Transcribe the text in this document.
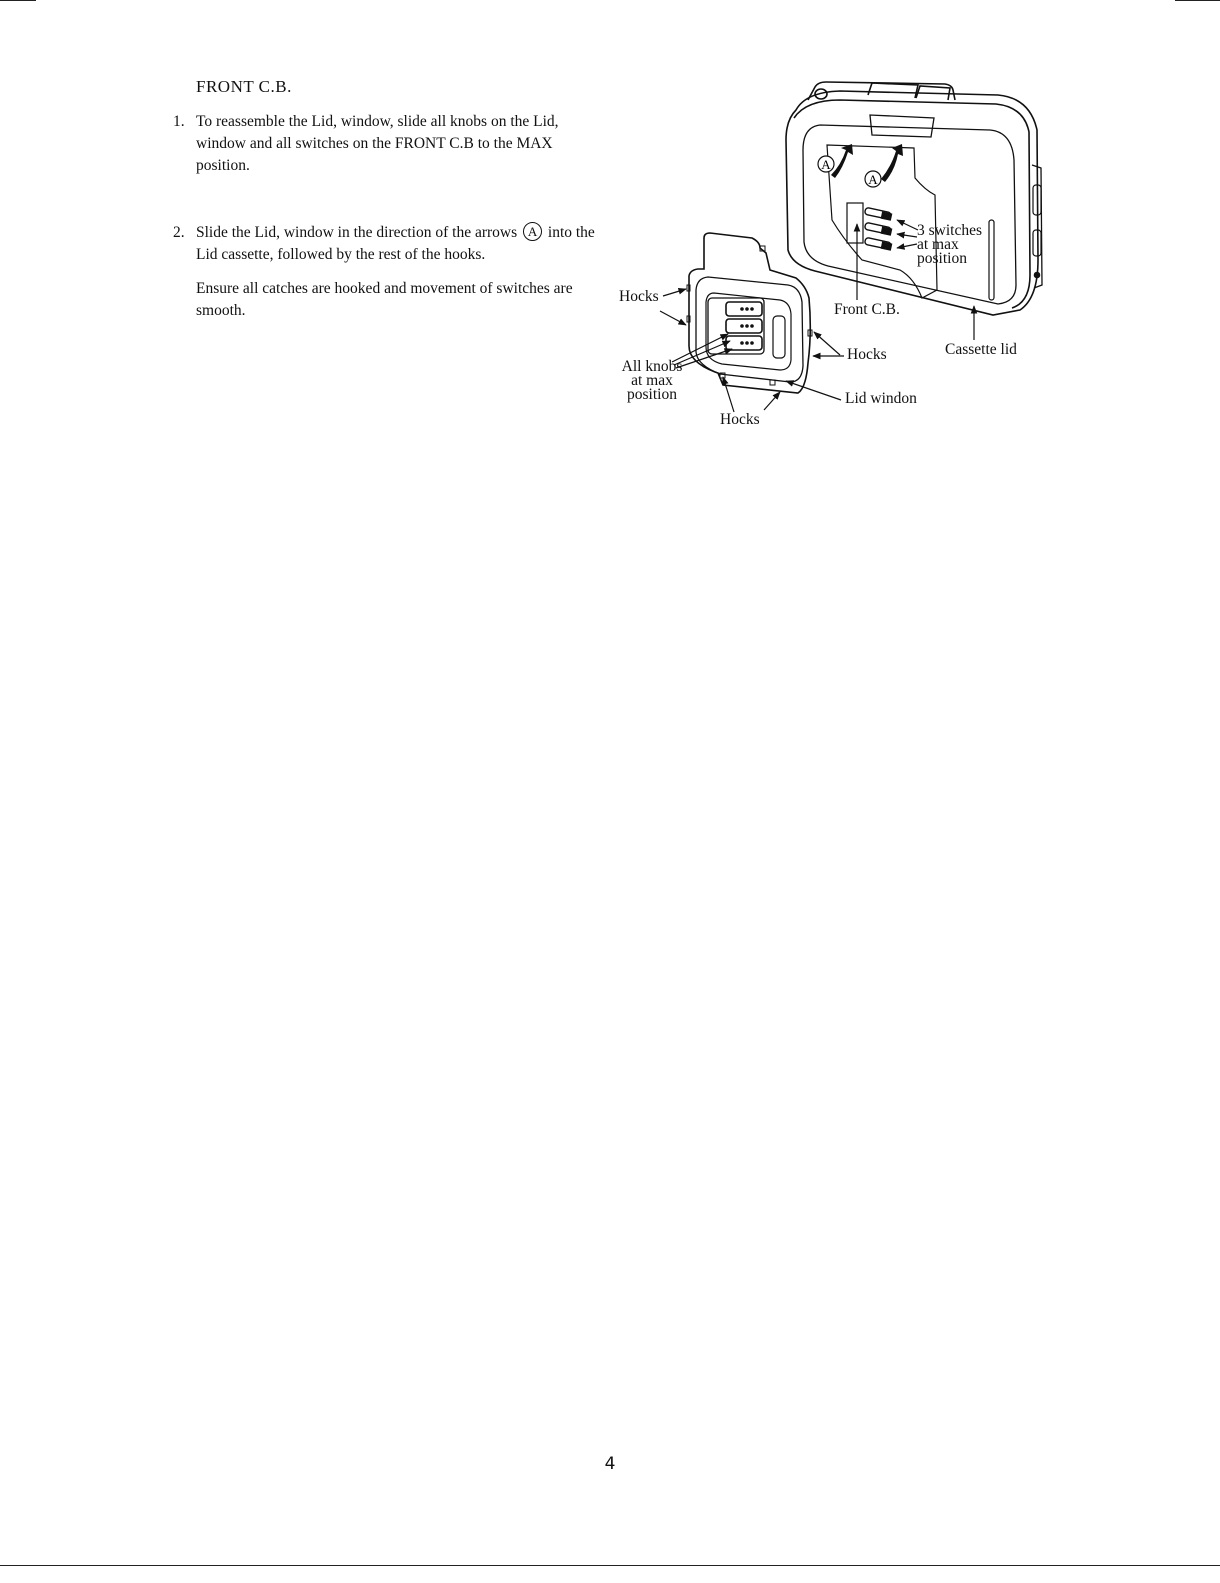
FRONT C.B.
1. To reassemble the Lid, window, slide all knobs on the Lid, window and all switches on the FRONT C.B to the MAX position.

2. Slide the Lid, window in the direction of the arrows A into the Lid cassette, followed by the rest of the hooks.

Ensure all catches are hooked and movement of switches are smooth.

A
A
Hocks
All knobs
at max
position
Hocks
Hocks
Lid windon
Front C.B.
3 switches
at max
position
Cassette lid
4
